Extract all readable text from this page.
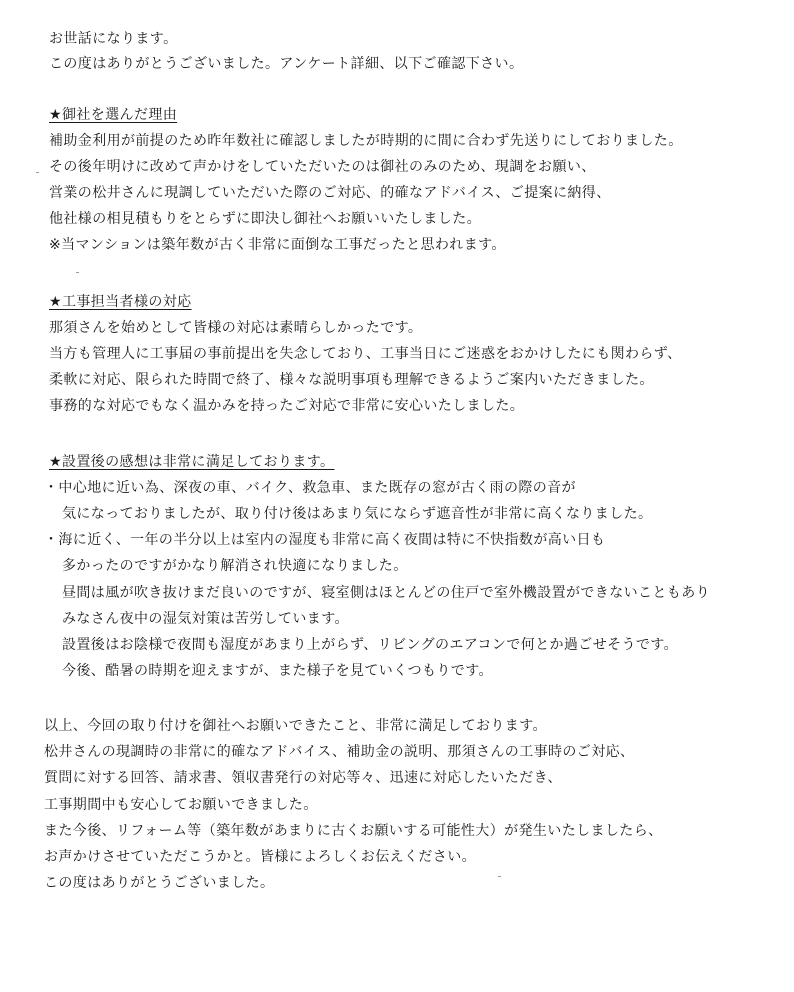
お世話になります。
この度はありがとうございました。アンケート詳細、以下ご確認下さい。
★御社を選んだ理由
補助金利用が前提のため昨年数社に確認しましたが時期的に間に合わず先送りにしておりました。
その後年明けに改めて声かけをしていただいたのは御社のみのため、現調をお願い、
営業の松井さんに現調していただいた際のご対応、的確なアドバイス、ご提案に納得、
他社様の相見積もりをとらずに即決し御社へお願いいたしました。
※当マンションは築年数が古く非常に面倒な工事だったと思われます。
★工事担当者様の対応
那須さんを始めとして皆様の対応は素晴らしかったです。
当方も管理人に工事届の事前提出を失念しており、工事当日にご迷惑をおかけしたにも関わらず、
柔軟に対応、限られた時間で終了、様々な説明事項も理解できるようご案内いただきました。
事務的な対応でもなく温かみを持ったご対応で非常に安心いたしました。
★設置後の感想は非常に満足しております。
・中心地に近い為、深夜の車、バイク、救急車、また既存の窓が古く雨の際の音が
気になっておりましたが、取り付け後はあまり気にならず遮音性が非常に高くなりました。
・海に近く、一年の半分以上は室内の湿度も非常に高く夜間は特に不快指数が高い日も
多かったのですがかなり解消され快適になりました。
昼間は風が吹き抜けまだ良いのですが、寝室側はほとんどの住戸で室外機設置ができないこともあり
みなさん夜中の湿気対策は苦労しています。
設置後はお陰様で夜間も湿度があまり上がらず、リビングのエアコンで何とか過ごせそうです。
今後、酷暑の時期を迎えますが、また様子を見ていくつもりです。
以上、今回の取り付けを御社へお願いできたこと、非常に満足しております。
松井さんの現調時の非常に的確なアドバイス、補助金の説明、那須さんの工事時のご対応、
質問に対する回答、請求書、領収書発行の対応等々、迅速に対応したいただき、
工事期間中も安心してお願いできました。
また今後、リフォーム等（築年数があまりに古くお願いする可能性大）が発生いたしましたら、
お声かけさせていただこうかと。皆様によろしくお伝えください。
この度はありがとうございました。
